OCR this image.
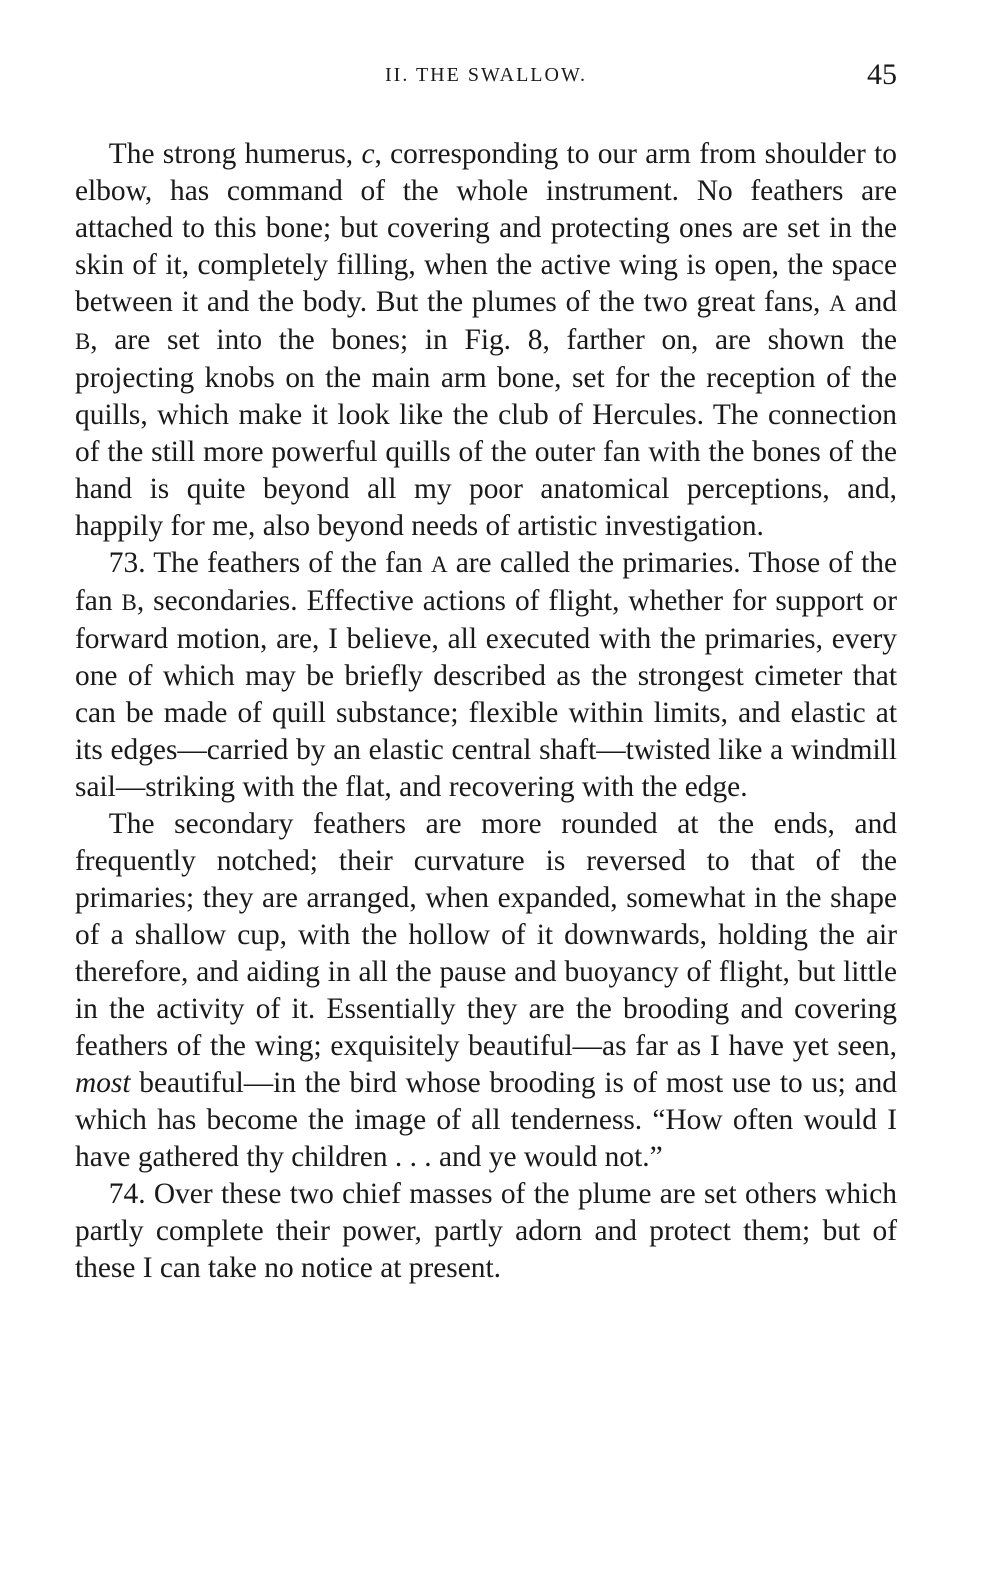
II. THE SWALLOW.	45

The strong humerus, c, corresponding to our arm from shoulder to elbow, has command of the whole instrument. No feathers are attached to this bone; but covering and protecting ones are set in the skin of it, completely filling, when the active wing is open, the space between it and the body. But the plumes of the two great fans, A and B, are set into the bones; in Fig. 8, farther on, are shown the projecting knobs on the main arm bone, set for the reception of the quills, which make it look like the club of Hercules. The connection of the still more powerful quills of the outer fan with the bones of the hand is quite beyond all my poor anatomical perceptions, and, happily for me, also beyond needs of artistic investigation.

73. The feathers of the fan A are called the primaries. Those of the fan B, secondaries. Effective actions of flight, whether for support or forward motion, are, I believe, all executed with the primaries, every one of which may be briefly described as the strongest cimeter that can be made of quill substance; flexible within limits, and elastic at its edges—carried by an elastic central shaft—twisted like a windmill sail—striking with the flat, and recovering with the edge.

The secondary feathers are more rounded at the ends, and frequently notched; their curvature is reversed to that of the primaries; they are arranged, when expanded, somewhat in the shape of a shallow cup, with the hollow of it downwards, holding the air therefore, and aiding in all the pause and buoyancy of flight, but little in the activity of it. Essentially they are the brooding and covering feathers of the wing; exquisitely beautiful—as far as I have yet seen, most beautiful—in the bird whose brooding is of most use to us; and which has become the image of all tenderness. “How often would I have gathered thy children . . . and ye would not.”

74. Over these two chief masses of the plume are set others which partly complete their power, partly adorn and protect them; but of these I can take no notice at present.
